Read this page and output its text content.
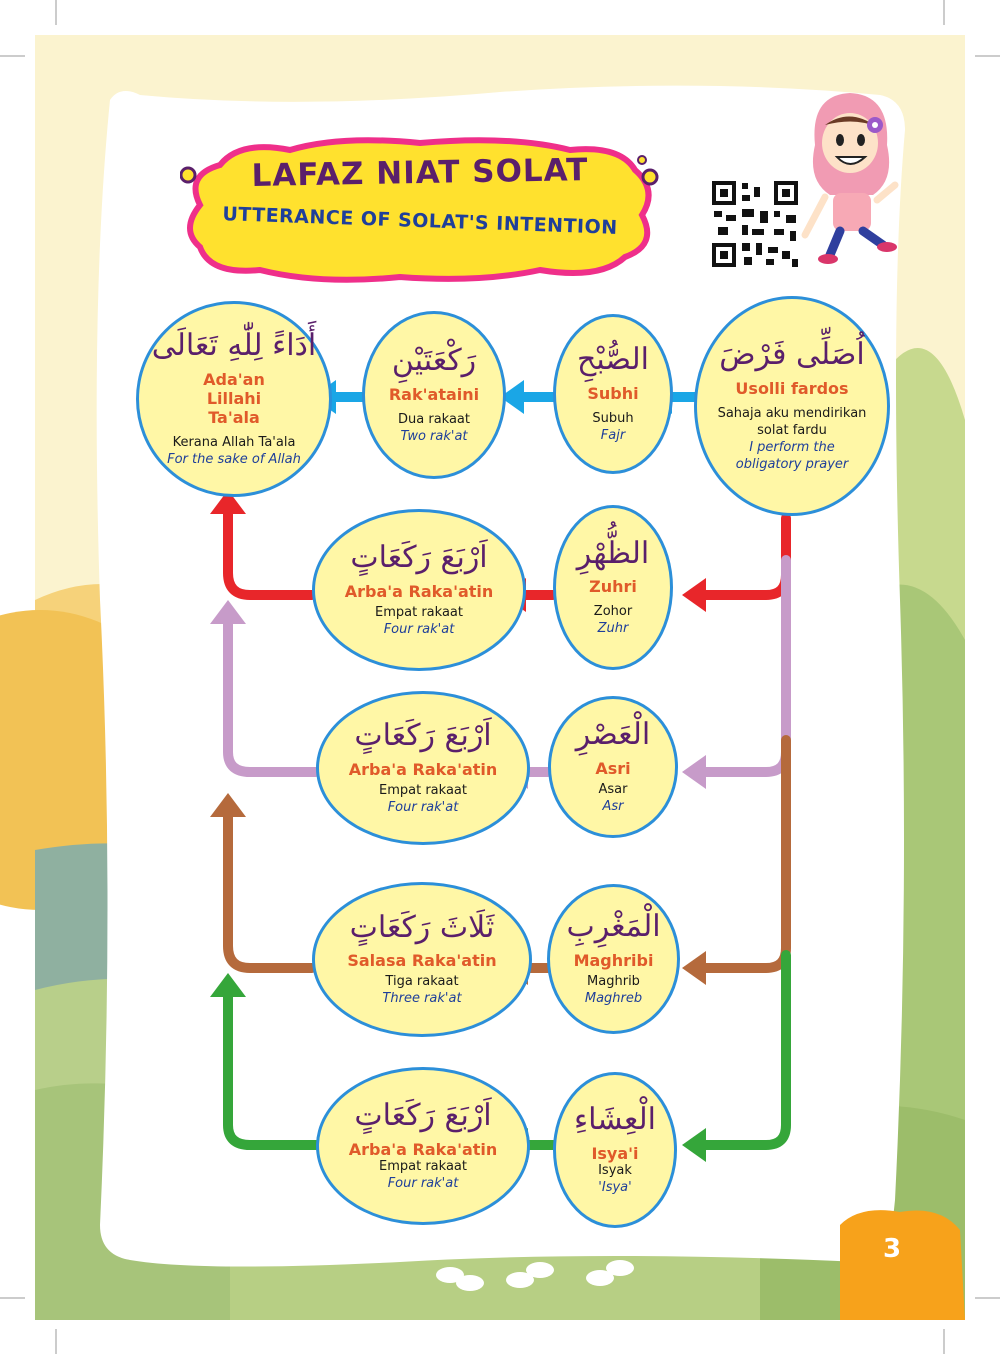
LAFAZ NIAT SOLAT
UTTERANCE OF SOLAT'S INTENTION
اُصَلِّى فَرْضَ
Usolli fardos
Sahaja aku mendirikan solat fardu
I perform the obligatory prayer
الصُّبْحِ
Subhi
Subuh
Fajr
رَكْعَتَيْنِ
Rak'ataini
Dua rakaat
Two rak'at
أَدَاءً لِلّٰهِ تَعَالَى
Ada'an Lillahi Ta'ala
Kerana Allah Ta'ala
For the sake of Allah
الظُّهْرِ
Zuhri
Zohor
Zuhr
اَرْبَعَ رَكَعَاتٍ
Arba'a Raka'atin
Empat rakaat
Four rak'at
الْعَصْرِ
Asri
Asar
Asr
اَرْبَعَ رَكَعَاتٍ
Arba'a Raka'atin
Empat rakaat
Four rak'at
الْمَغْرِبِ
Maghribi
Maghrib
Maghreb
ثَلَاثَ رَكَعَاتٍ
Salasa Raka'atin
Tiga rakaat
Three rak'at
الْعِشَاءِ
Isya'i
Isyak
'Isya'
اَرْبَعَ رَكَعَاتٍ
Arba'a Raka'atin
Empat rakaat
Four rak'at
3
